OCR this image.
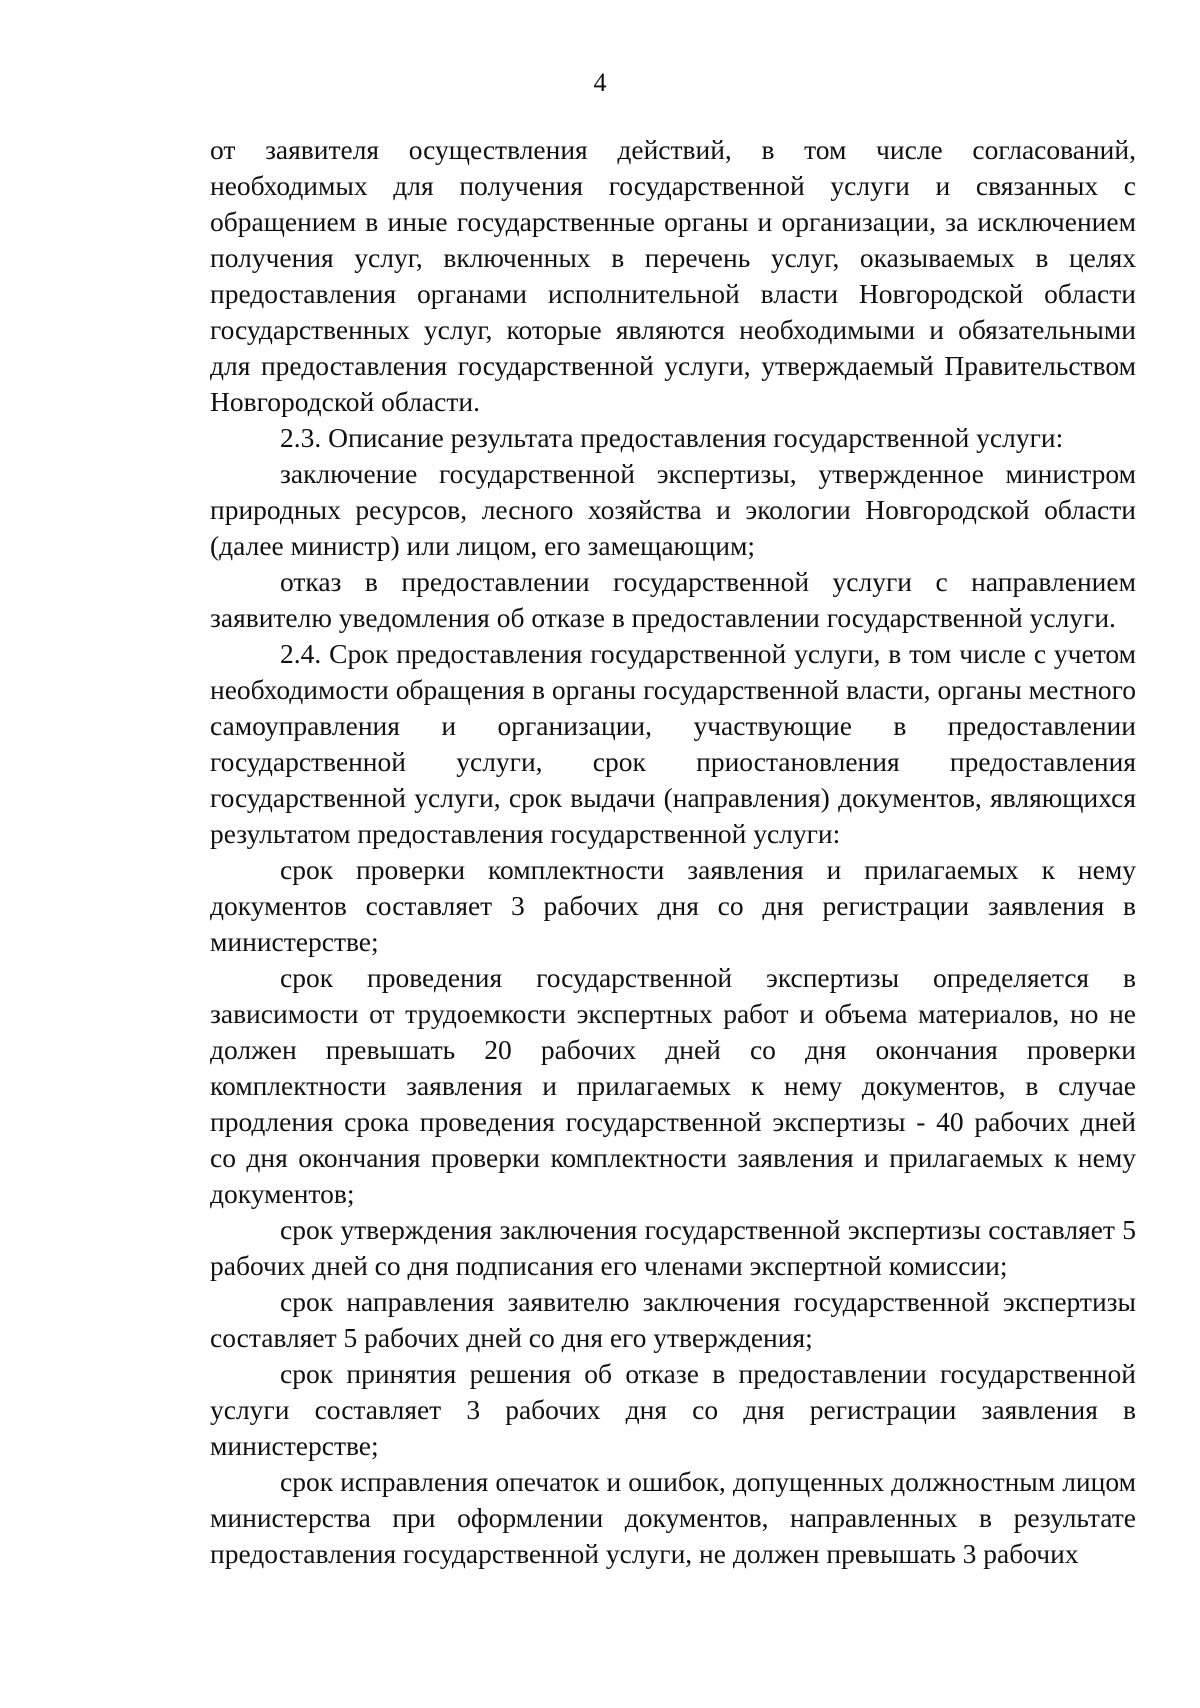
4

от заявителя осуществления действий, в том числе согласований, необходимых для получения государственной услуги и связанных с обращением в иные государственные органы и организации, за исключением получения услуг, включенных в перечень услуг, оказываемых в целях предоставления органами исполнительной власти Новгородской области государственных услуг, которые являются необходимыми и обязательными для предоставления государственной услуги, утверждаемый Правительством Новгородской области.

2.3. Описание результата предоставления государственной услуги:

заключение государственной экспертизы, утвержденное министром природных ресурсов, лесного хозяйства и экологии Новгородской области (далее министр) или лицом, его замещающим;

отказ в предоставлении государственной услуги с направлением заявителю уведомления об отказе в предоставлении государственной услуги.

2.4. Срок предоставления государственной услуги, в том числе с учетом необходимости обращения в органы государственной власти, органы местного самоуправления и организации, участвующие в предоставлении государственной услуги, срок приостановления предоставления государственной услуги, срок выдачи (направления) документов, являющихся результатом предоставления государственной услуги:

срок проверки комплектности заявления и прилагаемых к нему документов составляет 3 рабочих дня со дня регистрации заявления в министерстве;

срок проведения государственной экспертизы определяется в зависимости от трудоемкости экспертных работ и объема материалов, но не должен превышать 20 рабочих дней со дня окончания проверки комплектности заявления и прилагаемых к нему документов, в случае продления срока проведения государственной экспертизы - 40 рабочих дней со дня окончания проверки комплектности заявления и прилагаемых к нему документов;

срок утверждения заключения государственной экспертизы составляет 5 рабочих дней со дня подписания его членами экспертной комиссии;

срок направления заявителю заключения государственной экспертизы составляет 5 рабочих дней со дня его утверждения;

срок принятия решения об отказе в предоставлении государственной услуги составляет 3 рабочих дня со дня регистрации заявления в министерстве;

срок исправления опечаток и ошибок, допущенных должностным лицом министерства при оформлении документов, направленных в результате предоставления государственной услуги, не должен превышать 3 рабочих
